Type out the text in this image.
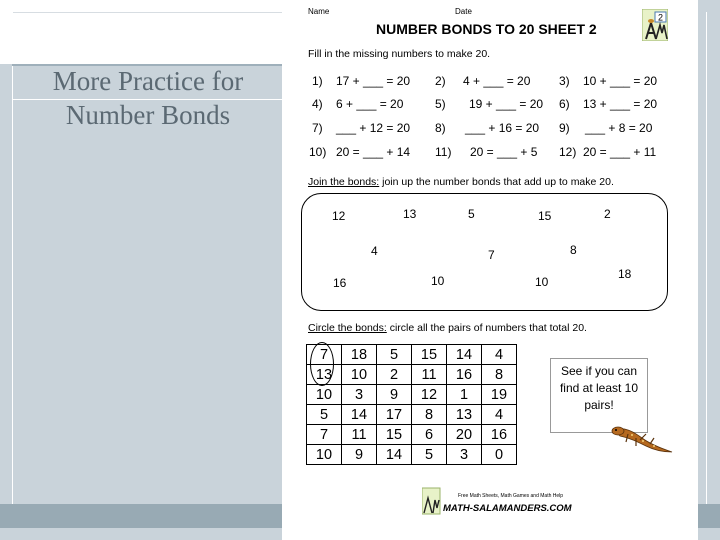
More Practice for
Number Bonds
Name	Date
2
NUMBER BONDS TO 20 SHEET 2
Fill in the missing numbers to make 20.
1) 17 + ___ = 20 2) 4 + ___ = 20 3) 10 + ___ = 20
4) 6 + ___ = 20	5) 19 + ___ = 20 6) 13 + ___ = 20
7) ___ + 12 = 20 8) ___ + 16 = 20 9) ___ + 8 = 20
10) 20 = ___ + 14 11) 20 = ___ + 5 12) 20 = ___ + 11
Join the bonds: join up the number bonds that add up to make 20.
12	13	5	15	2
4	7	8
16	10	10
18
Circle the bonds: circle all the pairs of numbers that total 20.
7	18	5	15	14	4
13	10	2	11	16	8
10	3	9	12	1	19
5	14	17	8	13	4
7	11	15	6	20	16
10	9	14	5	3	0
See if you can
find at least 10
pairs!
Free Math Sheets, Math Games and Math Help
MATH-SALAMANDERS.COM
